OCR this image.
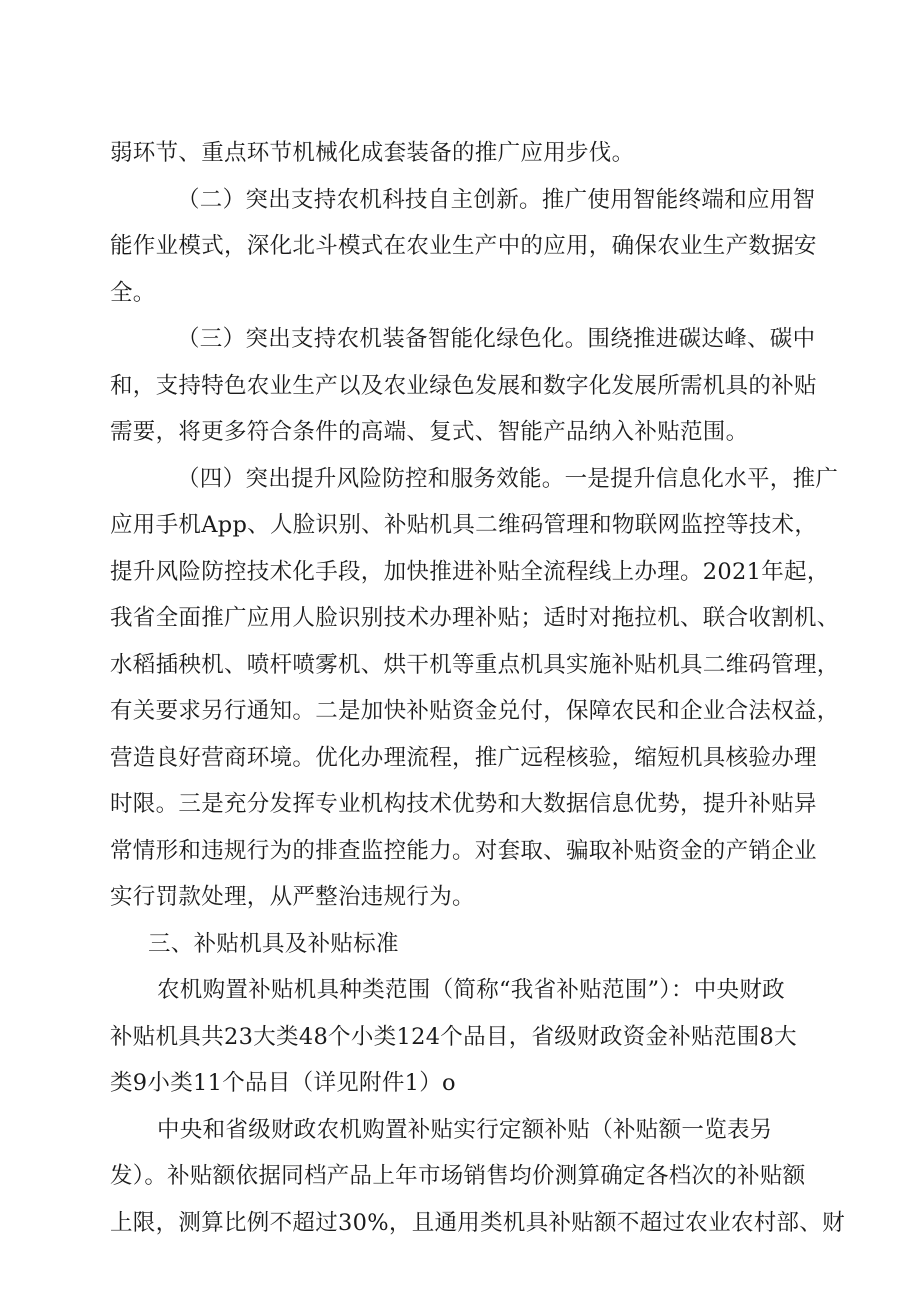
弱环节、重点环节机械化成套装备的推广应用步伐。
（二）突出支持农机科技自主创新。推广使用智能终端和应用智
能作业模式，深化北斗模式在农业生产中的应用，确保农业生产数据安
全。
（三）突出支持农机装备智能化绿色化。围绕推进碳达峰、碳中
和，支持特色农业生产以及农业绿色发展和数字化发展所需机具的补贴
需要，将更多符合条件的高端、复式、智能产品纳入补贴范围。
（四）突出提升风险防控和服务效能。一是提升信息化水平，推广
应用手机App、人脸识别、补贴机具二维码管理和物联网监控等技术，
提升风险防控技术化手段，加快推进补贴全流程线上办理。2021年起，
我省全面推广应用人脸识别技术办理补贴；适时对拖拉机、联合收割机、
水稻插秧机、喷杆喷雾机、烘干机等重点机具实施补贴机具二维码管理，
有关要求另行通知。二是加快补贴资金兑付，保障农民和企业合法权益，
营造良好营商环境。优化办理流程，推广远程核验，缩短机具核验办理
时限。三是充分发挥专业机构技术优势和大数据信息优势，提升补贴异
常情形和违规行为的排查监控能力。对套取、骗取补贴资金的产销企业
实行罚款处理，从严整治违规行为。
三、补贴机具及补贴标准
农机购置补贴机具种类范围（简称“我省补贴范围”）：中央财政
补贴机具共23大类48个小类124个品目，省级财政资金补贴范围8大
类9小类11个品目（详见附件1）o
中央和省级财政农机购置补贴实行定额补贴（补贴额一览表另
发）。补贴额依据同档产品上年市场销售均价测算确定各档次的补贴额
上限，测算比例不超过30%，且通用类机具补贴额不超过农业农村部、财
